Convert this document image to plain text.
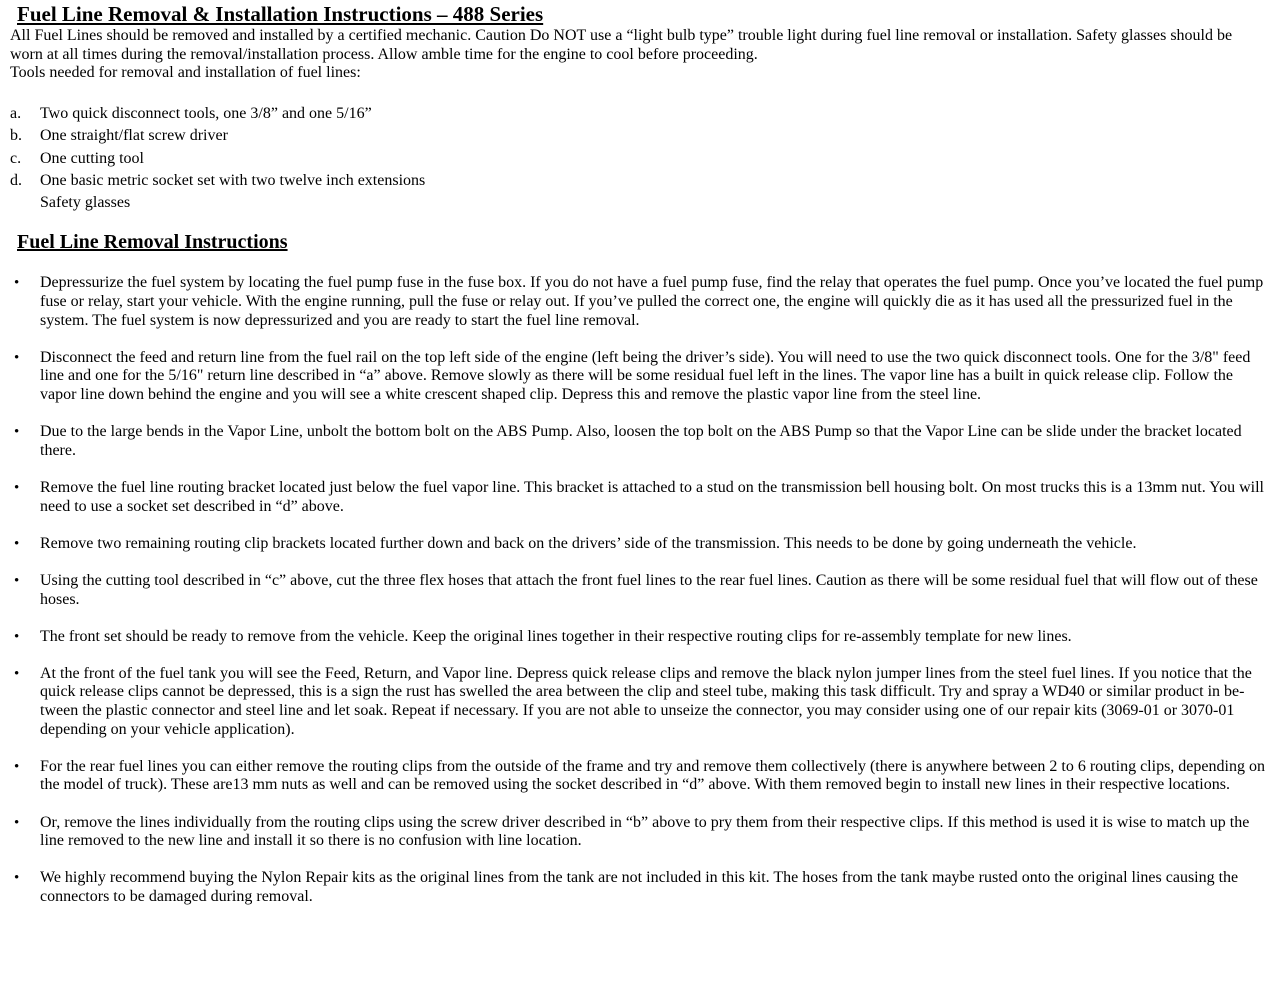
Fuel Line Removal & Installation Instructions – 488 Series

All Fuel Lines should be removed and installed by a certified mechanic. Caution Do NOT use a “light bulb type” trouble light during fuel line removal or installation. Safety glasses should be worn at all times during the removal/installation process. Allow amble time for the engine to cool before proceeding.

Tools needed for removal and installation of fuel lines:

a.	Two quick disconnect tools, one 3/8” and one 5/16”
b.	One straight/flat screw driver
c.	One cutting tool
d.	One basic metric socket set with two twelve inch extensions
Safety glasses
Fuel Line Removal Instructions
•	Depressurize the fuel system by locating the fuel pump fuse in the fuse box. If you do not have a fuel pump fuse, find the relay that operates the fuel pump. Once you’ve located the fuel pump fuse or relay, start your vehicle. With the engine running, pull the fuse or relay out. If you’ve pulled the correct one, the engine will quickly die as it has used all the pressurized fuel in the system. The fuel system is now depressurized and you are ready to start the fuel line removal.
•	Disconnect the feed and return line from the fuel rail on the top left side of the engine (left being the driver’s side). You will need to use the two quick disconnect tools. One for the 3/8" feed line and one for the 5/16" return line described in “a” above. Remove slowly as there will be some residual fuel left in the lines. The vapor line has a built in quick release clip. Follow the vapor line down behind the engine and you will see a white crescent shaped clip. Depress this and remove the plastic vapor line from the steel line.
•	Due to the large bends in the Vapor Line, unbolt the bottom bolt on the ABS Pump. Also, loosen the top bolt on the ABS Pump so that the Vapor Line can be slide under the bracket located there.
•	Remove the fuel line routing bracket located just below the fuel vapor line. This bracket is attached to a stud on the transmission bell housing bolt. On most trucks this is a 13mm nut. You will need to use a socket set described in “d” above.
•	Remove two remaining routing clip brackets located further down and back on the drivers’ side of the transmission. This needs to be done by going underneath the vehicle.
•	Using the cutting tool described in “c” above, cut the three flex hoses that attach the front fuel lines to the rear fuel lines. Caution as there will be some residual fuel that will flow out of these hoses.
•	The front set should be ready to remove from the vehicle. Keep the original lines together in their respective routing clips for re-assembly template for new lines.
•	At the front of the fuel tank you will see the Feed, Return, and Vapor line. Depress quick release clips and remove the black nylon jumper lines from the steel fuel lines. If you notice that the quick release clips cannot be depressed, this is a sign the rust has swelled the area between the clip and steel tube, making this task difficult. Try and spray a WD40 or similar product in be-tween the plastic connector and steel line and let soak. Repeat if necessary. If you are not able to unseize the connector, you may consider using one of our repair kits (3069-01 or 3070-01 depending on your vehicle application).
•	For the rear fuel lines you can either remove the routing clips from the outside of the frame and try and remove them collectively (there is anywhere between 2 to 6 routing clips, depending on the model of truck). These are13 mm nuts as well and can be removed using the socket described in “d” above. With them removed begin to install new lines in their respective locations.
•	Or, remove the lines individually from the routing clips using the screw driver described in “b” above to pry them from their respective clips. If this method is used it is wise to match up the line removed to the new line and install it so there is no confusion with line location.
•	We highly recommend buying the Nylon Repair kits as the original lines from the tank are not included in this kit. The hoses from the tank maybe rusted onto the original lines causing the connectors to be damaged during removal.
